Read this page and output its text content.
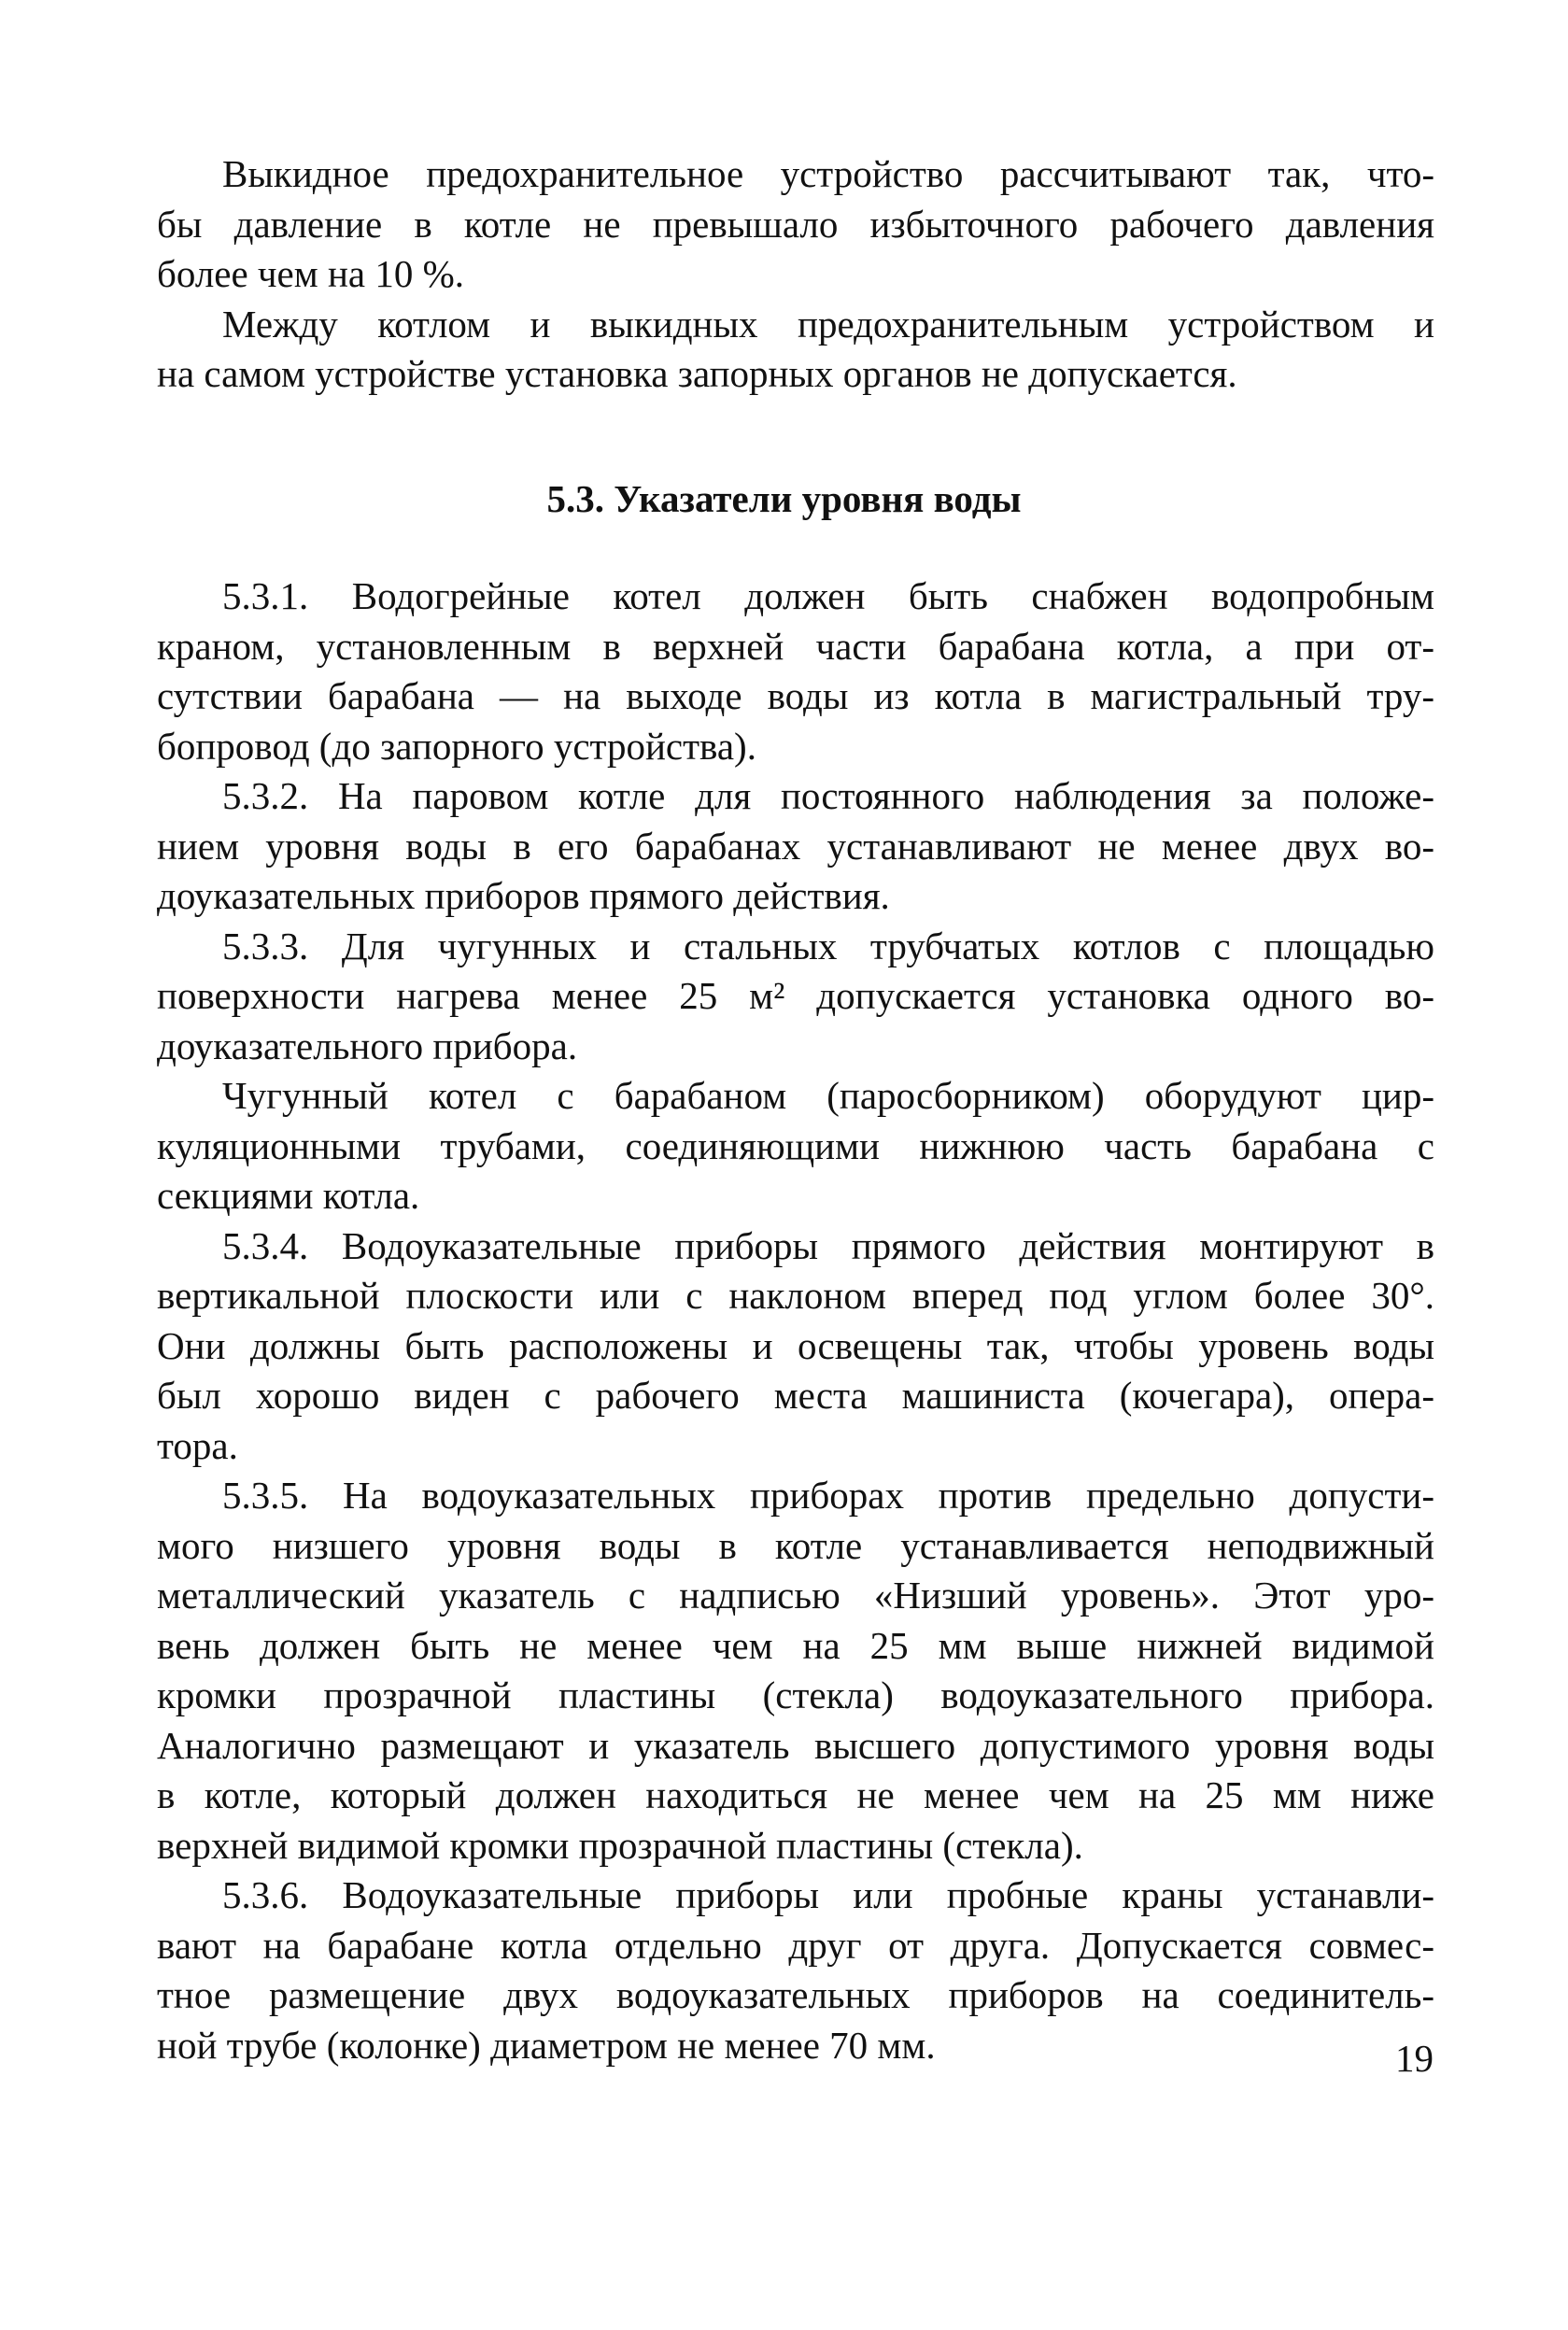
Выкидное предохранительное устройство рассчитывают так, что-
бы давление в котле не превышало избыточного рабочего давления
более чем на 10 %.

Между котлом и выкидных предохранительным устройством и
на самом устройстве установка запорных органов не допускается.

5.3. Указатели уровня воды

5.3.1. Водогрейные котел должен быть снабжен водопробным
краном, установленным в верхней части барабана котла, а при от-
сутствии барабана — на выходе воды из котла в магистральный тру-
бопровод (до запорного устройства).

5.3.2. На паровом котле для постоянного наблюдения за положе-
нием уровня воды в его барабанах устанавливают не менее двух во-
доуказательных приборов прямого действия.

5.3.3. Для чугунных и стальных трубчатых котлов с площадью
поверхности нагрева менее 25 м² допускается установка одного во-
доуказательного прибора.

Чугунный котел с барабаном (паросборником) оборудуют цир-
куляционными трубами, соединяющими нижнюю часть барабана с
секциями котла.

5.3.4. Водоуказательные приборы прямого действия монтируют в
вертикальной плоскости или с наклоном вперед под углом более 30°.
Они должны быть расположены и освещены так, чтобы уровень воды
был хорошо виден с рабочего места машиниста (кочегара), опера-
тора.

5.3.5. На водоуказательных приборах против предельно допусти-
мого низшего уровня воды в котле устанавливается неподвижный
металлический указатель с надписью «Низший уровень». Этот уро-
вень должен быть не менее чем на 25 мм выше нижней видимой
кромки прозрачной пластины (стекла) водоуказательного прибора.
Аналогично размещают и указатель высшего допустимого уровня воды
в котле, который должен находиться не менее чем на 25 мм ниже
верхней видимой кромки прозрачной пластины (стекла).

5.3.6. Водоуказательные приборы или пробные краны устанавли-
вают на барабане котла отдельно друг от друга. Допускается совмес-
тное размещение двух водоуказательных приборов на соединитель-
ной трубе (колонке) диаметром не менее 70 мм.	19
